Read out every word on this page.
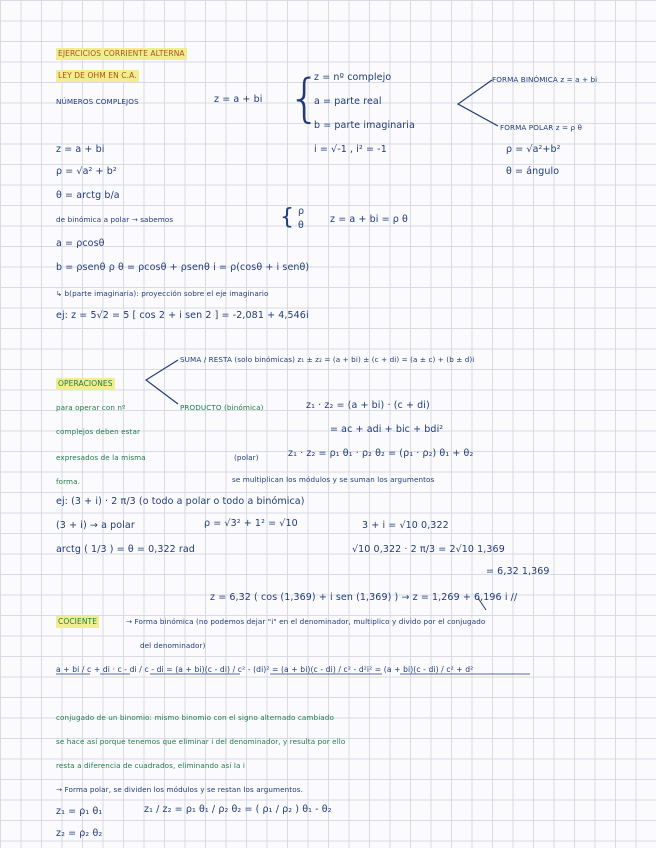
EJERCICIOS CORRIENTE ALTERNA
LEY DE OHM EN C.A.
NÚMEROS COMPLEJOS	z = a + bi {
z = nº complejo
a = parte real
b = parte imaginaria
i = √-1 , i² = -1
FORMA BINÓMICA z = a + bi
FORMA POLAR z = ρ θ
ρ = √a²+b²
θ = ángulo
z = a + bi
ρ = √a² + b²
θ = arctg b/a
de binómica a polar → sabemos	{ ρ
θ
z = a + bi = ρ θ
a = ρcosθ
b = ρsenθ ρ θ = ρcosθ + ρsenθ i = ρ(cosθ + i senθ)
↳ b(parte imaginaria): proyección sobre el eje imaginario
ej: z = 5√2 = 5 [ cos 2 + i sen 2 ] = -2,081 + 4,546i
SUMA / RESTA (solo binómicas) z₁ ± z₂ = (a + bi) ± (c + di) = (a ± c) + (b ± d)i
OPERACIONES
para operar con nº	PRODUCTO (binómica)	z₁ · z₂ = (a + bi) · (c + di)
complejos deben estar	= ac + adi + bic + bdi²
expresados de la misma	(polar)	z₁ · z₂ = ρ₁ θ₁ · ρ₂ θ₂ = (ρ₁ · ρ₂) θ₁ + θ₂
forma.	se multiplican los módulos y se suman los argumentos
ej: (3 + i) · 2 π/3 (o todo a polar o todo a binómica)
(3 + i) → a polar	ρ = √3² + 1² = √10	3 + i = √10 0,322
arctg ( 1/3 ) = θ = 0,322 rad	√10 0,322 · 2 π/3 = 2√10 1,369
= 6,32 1,369
z = 6,32 ( cos (1,369) + i sen (1,369) ) → z = 1,269 + 6,196 i //
COCIENTE	→ Forma binómica (no podemos dejar "i" en el denominador, multiplico y divido por el conjugado
del denominador)
a + bi / c + di · c - di / c - di = (a + bi)(c - di) / c² - (di)² = (a + bi)(c - di) / c² - d²i² = (a + bi)(c - di) / c² + d²
conjugado de un binomio: mismo binomio con el signo alternado cambiado
se hace así porque tenemos que eliminar i del denominador, y resulta por ello
resta a diferencia de cuadrados, eliminando así la i
→ Forma polar, se dividen los módulos y se restan los argumentos.
z₁ = ρ₁ θ₁	z₁ / z₂ = ρ₁ θ₁ / ρ₂ θ₂ = ( ρ₁ / ρ₂ ) θ₁ - θ₂
z₂ = ρ₂ θ₂
